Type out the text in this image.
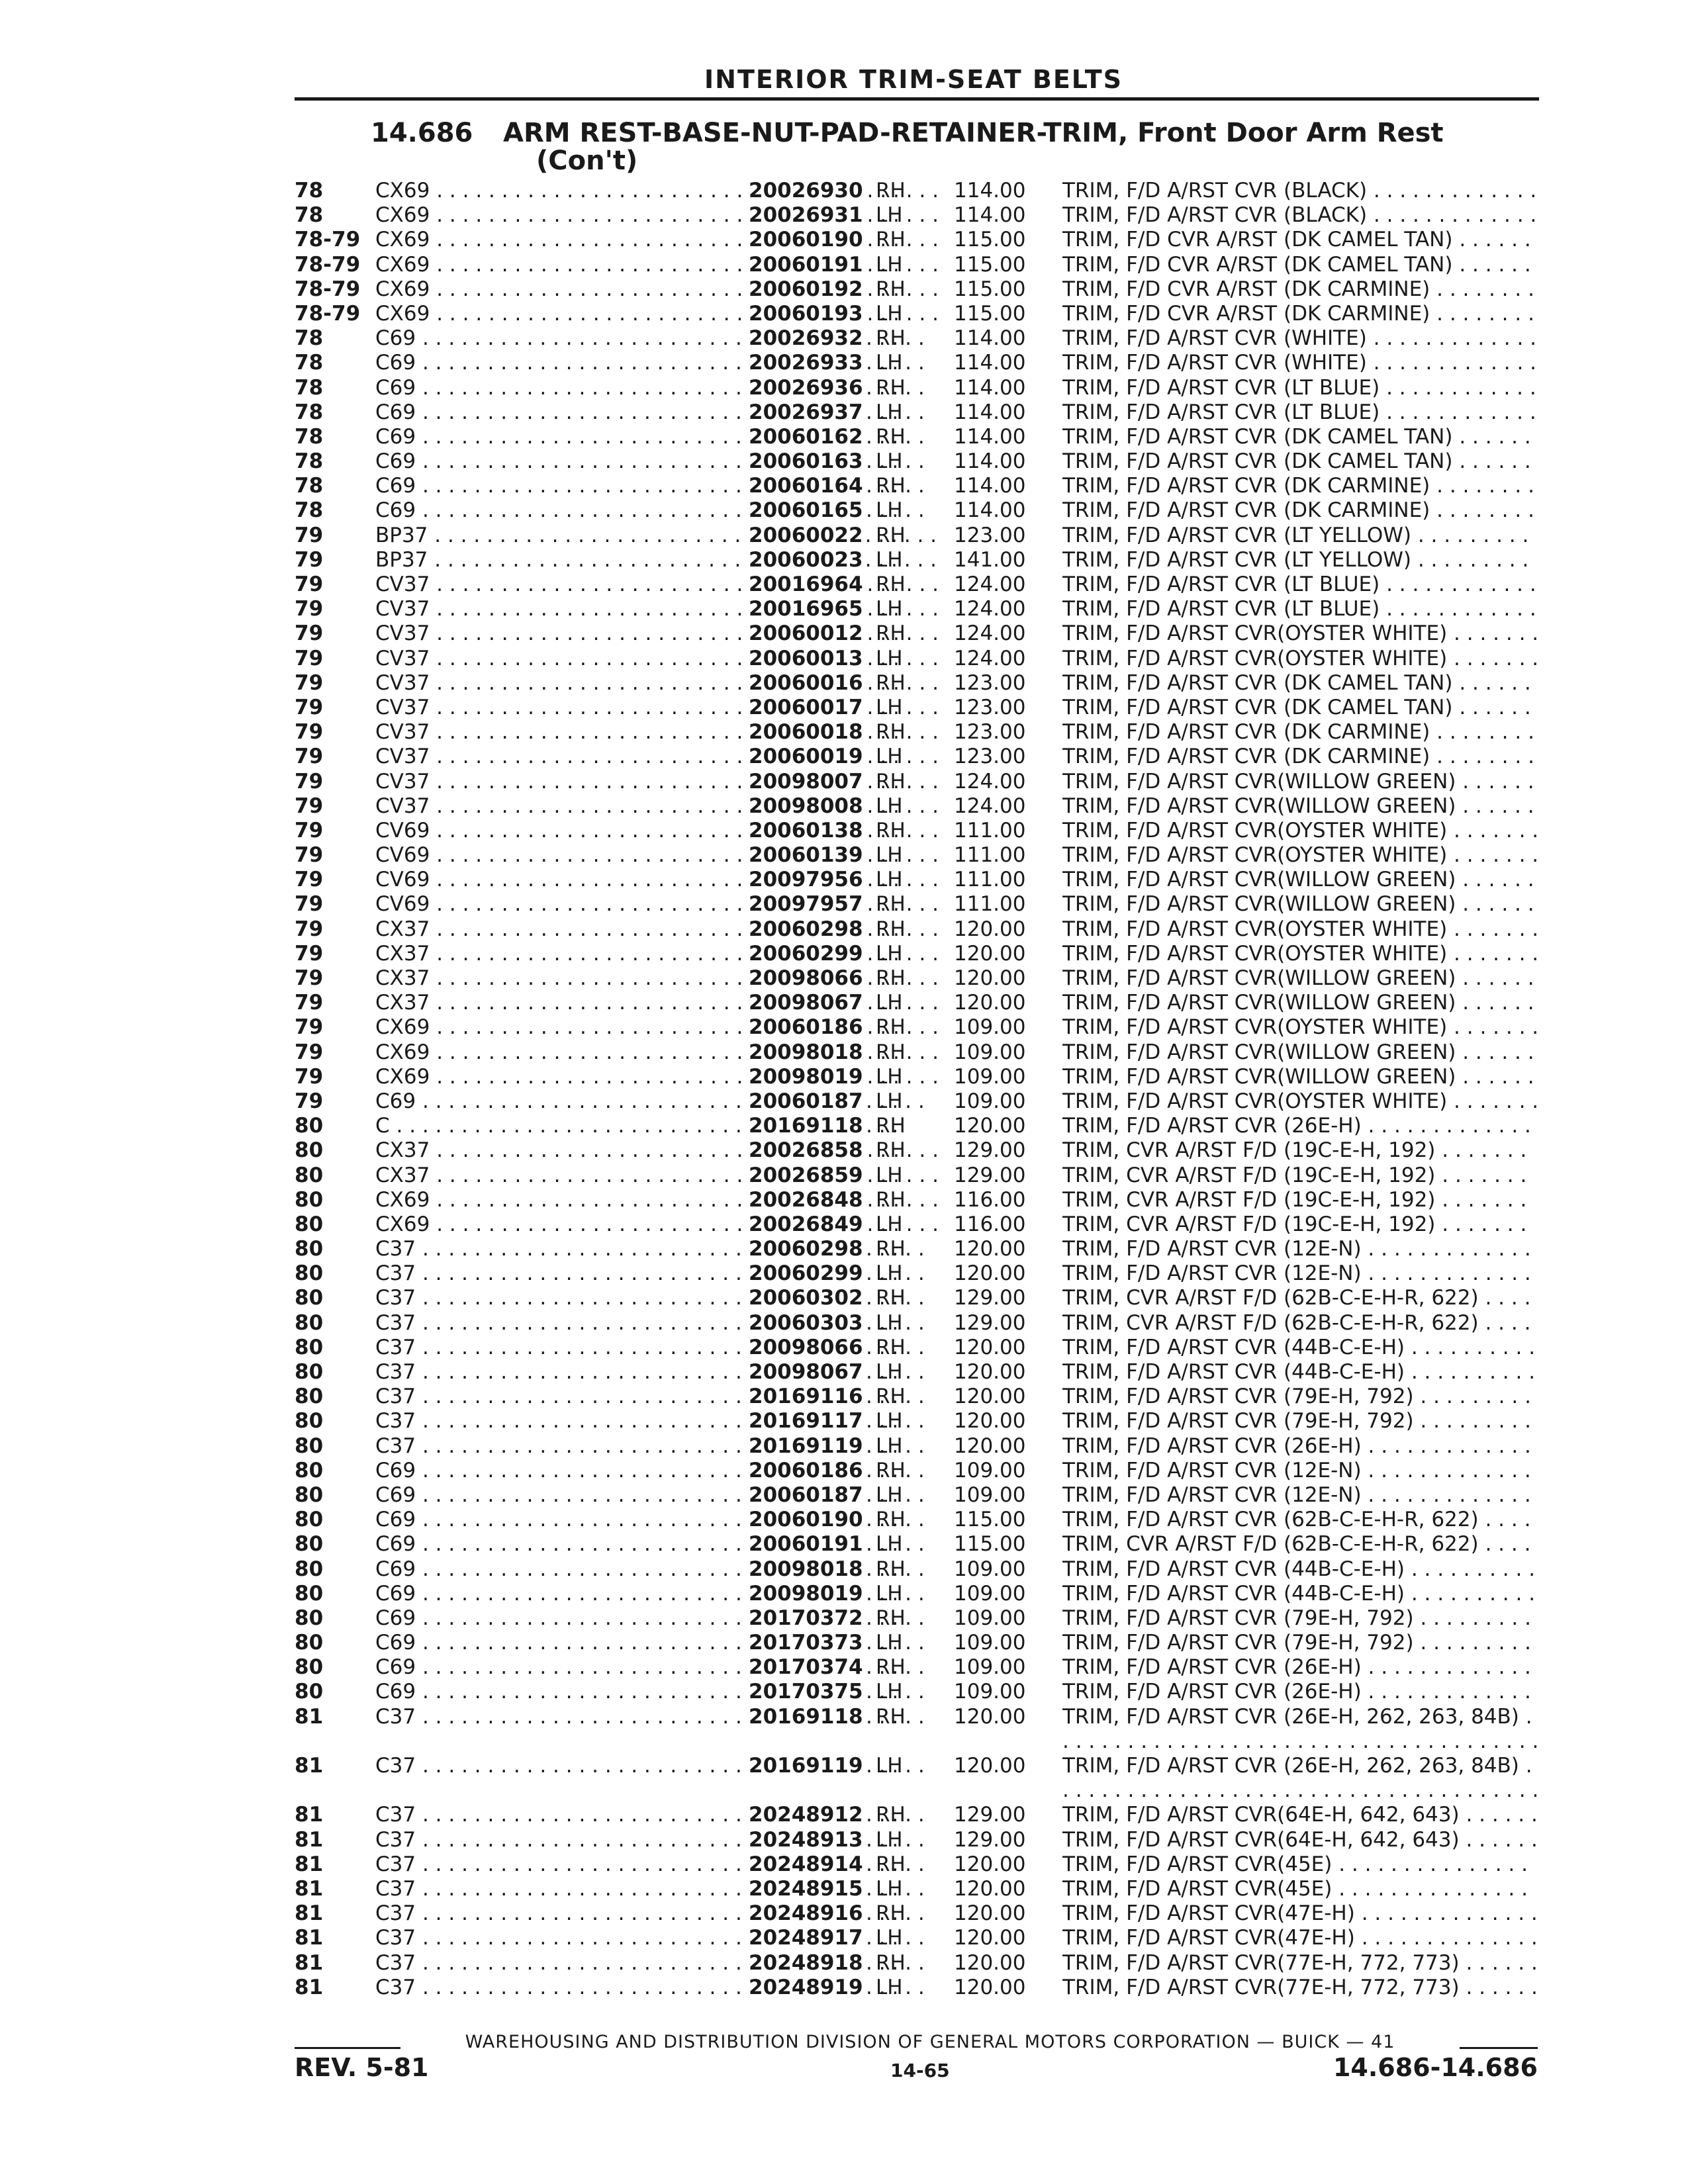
INTERIOR TRIM-SEAT BELTS
14.686 ARM REST-BASE-NUT-PAD-RETAINER-TRIM, Front Door Arm Rest
(Con't)
78	CX69 . . .	20026930 RH 114.00 TRIM, F/D A/RST CVR (BLACK) . . .
78	CX69 . . .	20026931 LH 114.00 TRIM, F/D A/RST CVR (BLACK) . . .
78-79 CX69 . . .	20060190 RH 115.00 TRIM, F/D CVR A/RST (DK CAMEL TAN) . . .
78-79 CX69 . . .	20060191 LH 115.00 TRIM, F/D CVR A/RST (DK CAMEL TAN) . . .
78-79 CX69 . . .	20060192 RH 115.00 TRIM, F/D CVR A/RST (DK CARMINE) . . .
78-79 CX69 . . .	20060193 LH 115.00 TRIM, F/D CVR A/RST (DK CARMINE) . . .
78	C69 . . .	20026932 RH 114.00 TRIM, F/D A/RST CVR (WHITE) . . .
78	C69 . . .	20026933 LH 114.00 TRIM, F/D A/RST CVR (WHITE) . . .
78	C69 . . .	20026936 RH 114.00 TRIM, F/D A/RST CVR (LT BLUE) . . .
78	C69 . . .	20026937 LH 114.00 TRIM, F/D A/RST CVR (LT BLUE) . . .
78	C69 . . .	20060162 RH 114.00 TRIM, F/D A/RST CVR (DK CAMEL TAN) . . .
78	C69 . . .	20060163 LH 114.00 TRIM, F/D A/RST CVR (DK CAMEL TAN) . . .
78	C69 . . .	20060164 RH 114.00 TRIM, F/D A/RST CVR (DK CARMINE) . . .
78	C69 . . .	20060165 LH 114.00 TRIM, F/D A/RST CVR (DK CARMINE) . . .
79	BP37 . . .	20060022 RH 123.00 TRIM, F/D A/RST CVR (LT YELLOW) . . .
79	BP37 . . .	20060023 LH 141.00 TRIM, F/D A/RST CVR (LT YELLOW) . . .
79	CV37 . . .	20016964 RH 124.00 TRIM, F/D A/RST CVR (LT BLUE) . . .
79	CV37 . . .	20016965 LH 124.00 TRIM, F/D A/RST CVR (LT BLUE) . . .
79	CV37 . . .	20060012 RH 124.00 TRIM, F/D A/RST CVR(OYSTER WHITE) . . .
79	CV37 . . .	20060013 LH 124.00 TRIM, F/D A/RST CVR(OYSTER WHITE) . . .
79	CV37 . . .	20060016 RH 123.00 TRIM, F/D A/RST CVR (DK CAMEL TAN) . . .
79	CV37 . . .	20060017 LH 123.00 TRIM, F/D A/RST CVR (DK CAMEL TAN) . . .
79	CV37 . . .	20060018 RH 123.00 TRIM, F/D A/RST CVR (DK CARMINE) . . .
79	CV37 . . .	20060019 LH 123.00 TRIM, F/D A/RST CVR (DK CARMINE) . . .
79	CV37 . . .	20098007 RH 124.00 TRIM, F/D A/RST CVR(WILLOW GREEN) . . .
79	CV37 . . .	20098008 LH 124.00 TRIM, F/D A/RST CVR(WILLOW GREEN) . . .
79	CV69 . . .	20060138 RH 111.00 TRIM, F/D A/RST CVR(OYSTER WHITE) . . .
79	CV69 . . .	20060139 LH 111.00 TRIM, F/D A/RST CVR(OYSTER WHITE) . . .
79	CV69 . . .	20097956 LH 111.00 TRIM, F/D A/RST CVR(WILLOW GREEN) . . .
79	CV69 . . .	20097957 RH 111.00 TRIM, F/D A/RST CVR(WILLOW GREEN) . . .
79	CX37 . . .	20060298 RH 120.00 TRIM, F/D A/RST CVR(OYSTER WHITE) . . .
79	CX37 . . .	20060299 LH 120.00 TRIM, F/D A/RST CVR(OYSTER WHITE) . . .
79	CX37 . . .	20098066 RH 120.00 TRIM, F/D A/RST CVR(WILLOW GREEN) . . .
79	CX37 . . .	20098067 LH 120.00 TRIM, F/D A/RST CVR(WILLOW GREEN) . . .
79	CX69 . . .	20060186 RH 109.00 TRIM, F/D A/RST CVR(OYSTER WHITE) . . .
79	CX69 . . .	20098018 RH 109.00 TRIM, F/D A/RST CVR(WILLOW GREEN) . . .
79	CX69 . . .	20098019 LH 109.00 TRIM, F/D A/RST CVR(WILLOW GREEN) . . .
79	C69 . . .	20060187 LH 109.00 TRIM, F/D A/RST CVR(OYSTER WHITE) . . .
80	C . . .	20169118 RH 120.00 TRIM, F/D A/RST CVR (26E-H) . . .
80	CX37 . . .	20026858 RH 129.00 TRIM, CVR A/RST F/D (19C-E-H, 192) . . .
80	CX37 . . .	20026859 LH 129.00 TRIM, CVR A/RST F/D (19C-E-H, 192) . . .
80	CX69 . . .	20026848 RH 116.00 TRIM, CVR A/RST F/D (19C-E-H, 192) . . .
80	CX69 . . .	20026849 LH 116.00 TRIM, CVR A/RST F/D (19C-E-H, 192) . . .
80	C37 . . .	20060298 RH 120.00 TRIM, F/D A/RST CVR (12E-N) . . .
80	C37 . . .	20060299 LH 120.00 TRIM, F/D A/RST CVR (12E-N) . . .
80	C37 . . .	20060302 RH 129.00 TRIM, CVR A/RST F/D (62B-C-E-H-R, 622) . . .
80	C37 . . .	20060303 LH 129.00 TRIM, CVR A/RST F/D (62B-C-E-H-R, 622) . . .
80	C37 . . .	20098066 RH 120.00 TRIM, F/D A/RST CVR (44B-C-E-H) . . .
80	C37 . . .	20098067 LH 120.00 TRIM, F/D A/RST CVR (44B-C-E-H) . . .
80	C37 . . .	20169116 RH 120.00 TRIM, F/D A/RST CVR (79E-H, 792) . . .
80	C37 . . .	20169117 LH 120.00 TRIM, F/D A/RST CVR (79E-H, 792) . . .
80	C37 . . .	20169119 LH 120.00 TRIM, F/D A/RST CVR (26E-H) . . .
80	C69 . . .	20060186 RH 109.00 TRIM, F/D A/RST CVR (12E-N) . . .
80	C69 . . .	20060187 LH 109.00 TRIM, F/D A/RST CVR (12E-N) . . .
80	C69 . . .	20060190 RH 115.00 TRIM, F/D A/RST CVR (62B-C-E-H-R, 622) . . .
80	C69 . . .	20060191 LH 115.00 TRIM, CVR A/RST F/D (62B-C-E-H-R, 622) . . .
80	C69 . . .	20098018 RH 109.00 TRIM, F/D A/RST CVR (44B-C-E-H) . . .
80	C69 . . .	20098019 LH 109.00 TRIM, F/D A/RST CVR (44B-C-E-H) . . .
80	C69 . . .	20170372 RH 109.00 TRIM, F/D A/RST CVR (79E-H, 792) . . .
80	C69 . . .	20170373 LH 109.00 TRIM, F/D A/RST CVR (79E-H, 792) . . .
80	C69 . . .	20170374 RH 109.00 TRIM, F/D A/RST CVR (26E-H) . . .
80	C69 . . .	20170375 LH 109.00 TRIM, F/D A/RST CVR (26E-H) . . .
81	C37 . . .	20169118 RH 120.00 TRIM, F/D A/RST CVR (26E-H, 262, 263, 84B) . . .
81	C37 . . .	20169119 LH 120.00 TRIM, F/D A/RST CVR (26E-H, 262, 263, 84B) . . .
81	C37 . . .	20248912 RH 129.00 TRIM, F/D A/RST CVR(64E-H, 642, 643) . . .
81	C37 . . .	20248913 LH 129.00 TRIM, F/D A/RST CVR(64E-H, 642, 643) . . .
81	C37 . . .	20248914 RH 120.00 TRIM, F/D A/RST CVR(45E) . . .
81	C37 . . .	20248915 LH 120.00 TRIM, F/D A/RST CVR(45E) . . .
81	C37 . . .	20248916 RH 120.00 TRIM, F/D A/RST CVR(47E-H) . . .
81	C37 . . .	20248917 LH 120.00 TRIM, F/D A/RST CVR(47E-H) . . .
81	C37 . . .	20248918 RH 120.00 TRIM, F/D A/RST CVR(77E-H, 772, 773) . . .
81	C37 . . .	20248919 LH 120.00 TRIM, F/D A/RST CVR(77E-H, 772, 773) . . .
WAREHOUSING AND DISTRIBUTION DIVISION OF GENERAL MOTORS CORPORATION — BUICK — 41
REV. 5-81	14-65	14.686-14.686
